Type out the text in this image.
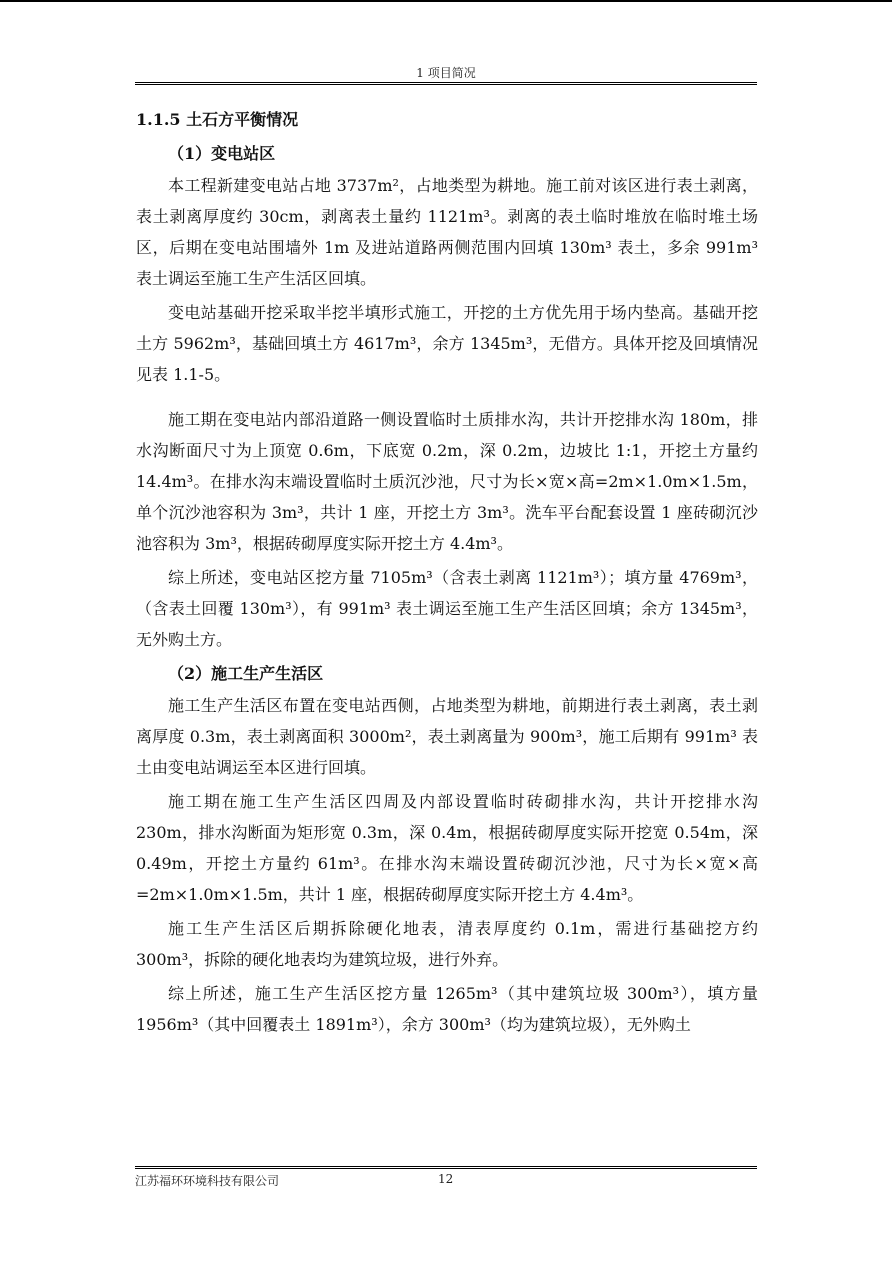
1 项目简况
1.1.5 土石方平衡情况
（1）变电站区

本工程新建变电站占地 3737m²，占地类型为耕地。施工前对该区进行表土剥离，表土剥离厚度约 30cm，剥离表土量约 1121m³。剥离的表土临时堆放在临时堆土场区，后期在变电站围墙外 1m 及进站道路两侧范围内回填 130m³ 表土，多余 991m³ 表土调运至施工生产生活区回填。

变电站基础开挖采取半挖半填形式施工，开挖的土方优先用于场内垫高。基础开挖土方 5962m³，基础回填土方 4617m³，余方 1345m³，无借方。具体开挖及回填情况见表 1.1-5。

施工期在变电站内部沿道路一侧设置临时土质排水沟，共计开挖排水沟 180m，排水沟断面尺寸为上顶宽 0.6m，下底宽 0.2m，深 0.2m，边坡比 1:1，开挖土方量约 14.4m³。在排水沟末端设置临时土质沉沙池，尺寸为长×宽×高=2m×1.0m×1.5m，单个沉沙池容积为 3m³，共计 1 座，开挖土方 3m³。洗车平台配套设置 1 座砖砌沉沙池容积为 3m³，根据砖砌厚度实际开挖土方 4.4m³。

综上所述，变电站区挖方量 7105m³（含表土剥离 1121m³）；填方量 4769m³，（含表土回覆 130m³），有 991m³ 表土调运至施工生产生活区回填；余方 1345m³，无外购土方。

（2）施工生产生活区

施工生产生活区布置在变电站西侧，占地类型为耕地，前期进行表土剥离，表土剥离厚度 0.3m，表土剥离面积 3000m²，表土剥离量为 900m³，施工后期有 991m³ 表土由变电站调运至本区进行回填。

施工期在施工生产生活区四周及内部设置临时砖砌排水沟，共计开挖排水沟 230m，排水沟断面为矩形宽 0.3m，深 0.4m，根据砖砌厚度实际开挖宽 0.54m，深 0.49m，开挖土方量约 61m³。在排水沟末端设置砖砌沉沙池，尺寸为长×宽×高=2m×1.0m×1.5m，共计 1 座，根据砖砌厚度实际开挖土方 4.4m³。

施工生产生活区后期拆除硬化地表，清表厚度约 0.1m，需进行基础挖方约 300m³，拆除的硬化地表均为建筑垃圾，进行外弃。

综上所述，施工生产生活区挖方量 1265m³（其中建筑垃圾 300m³），填方量 1956m³（其中回覆表土 1891m³），余方 300m³（均为建筑垃圾），无外购土

江苏福环环境科技有限公司	12
